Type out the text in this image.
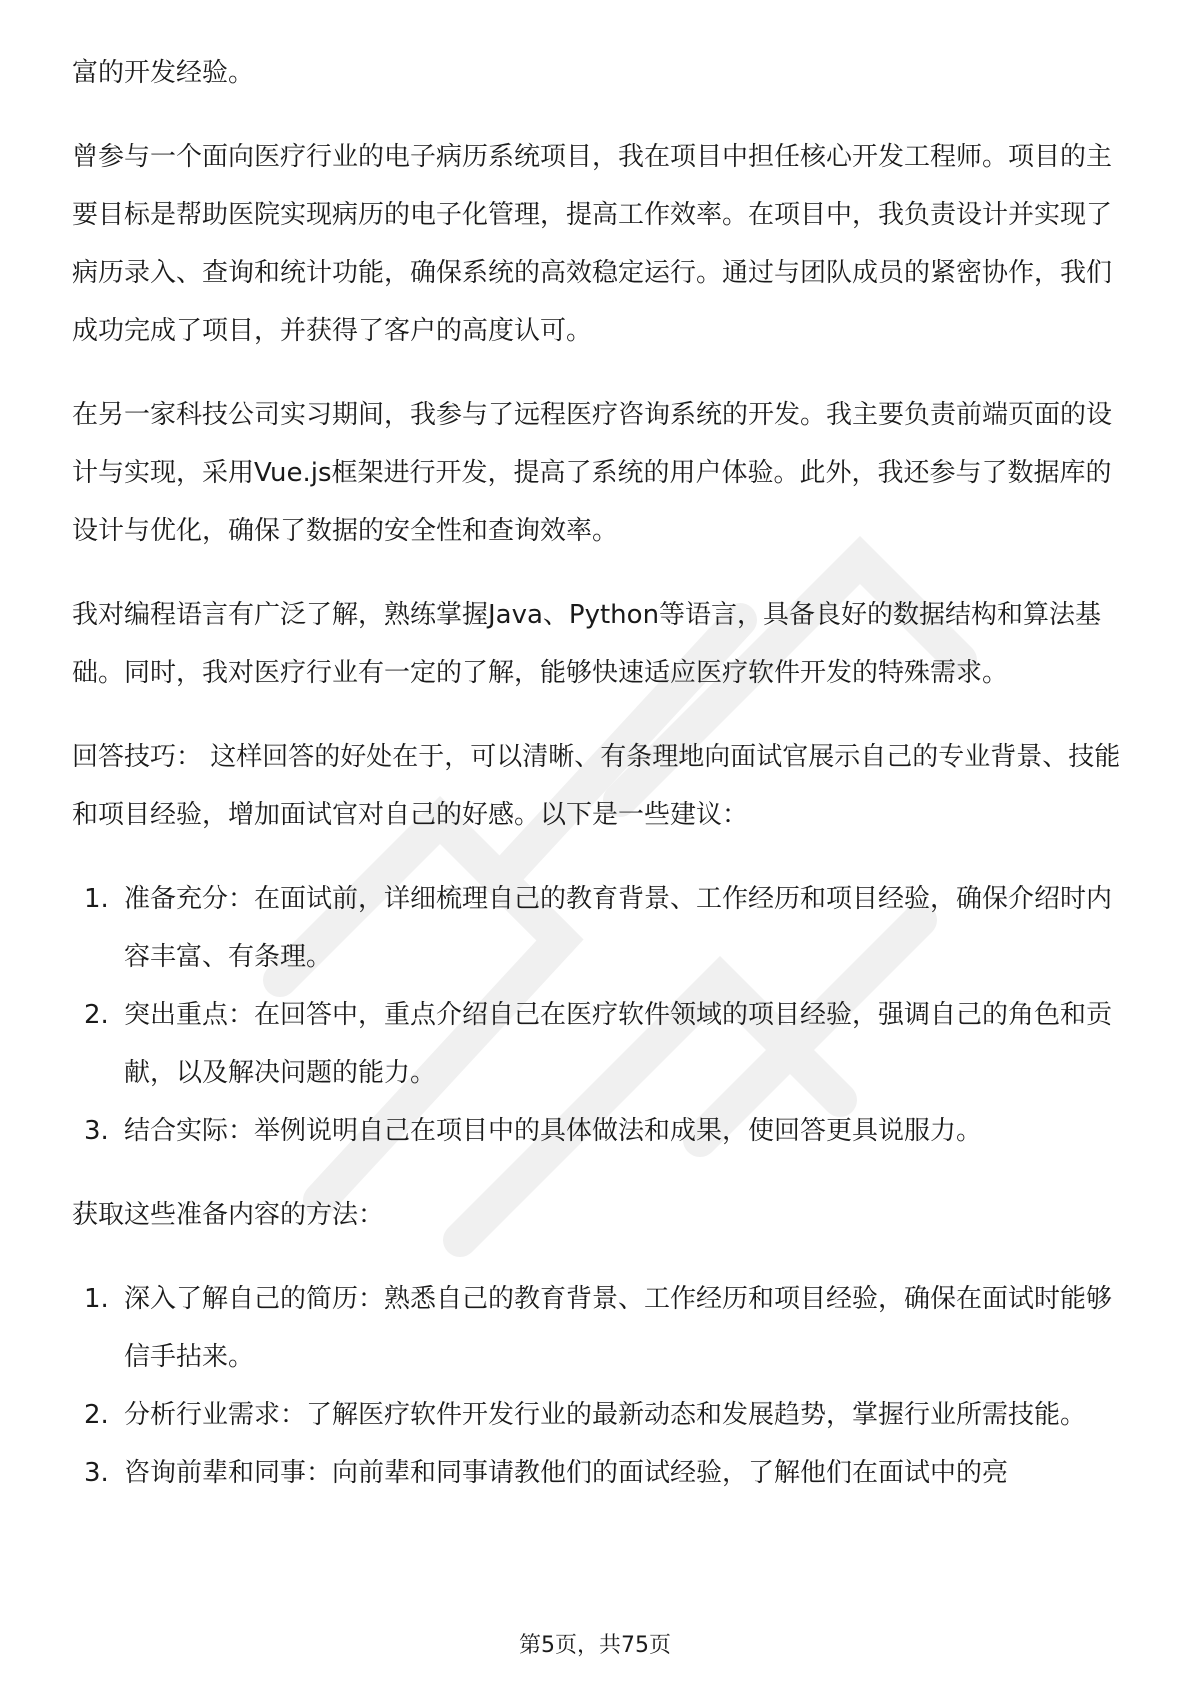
富的开发经验。

曾参与一个面向医疗行业的电子病历系统项目，我在项目中担任核心开发工程师。项目的主要目标是帮助医院实现病历的电子化管理，提高工作效率。在项目中，我负责设计并实现了病历录入、查询和统计功能，确保系统的高效稳定运行。通过与团队成员的紧密协作，我们成功完成了项目，并获得了客户的高度认可。

在另一家科技公司实习期间，我参与了远程医疗咨询系统的开发。我主要负责前端页面的设计与实现，采用Vue.js框架进行开发，提高了系统的用户体验。此外，我还参与了数据库的设计与优化，确保了数据的安全性和查询效率。

我对编程语言有广泛了解，熟练掌握Java、Python等语言，具备良好的数据结构和算法基础。同时，我对医疗行业有一定的了解，能够快速适应医疗软件开发的特殊需求。

回答技巧： 这样回答的好处在于，可以清晰、有条理地向面试官展示自己的专业背景、技能和项目经验，增加面试官对自己的好感。以下是一些建议：

1. 准备充分：在面试前，详细梳理自己的教育背景、工作经历和项目经验，确保介绍时内容丰富、有条理。
2. 突出重点：在回答中，重点介绍自己在医疗软件领域的项目经验，强调自己的角色和贡献，以及解决问题的能力。
3. 结合实际：举例说明自己在项目中的具体做法和成果，使回答更具说服力。

获取这些准备内容的方法：

1. 深入了解自己的简历：熟悉自己的教育背景、工作经历和项目经验，确保在面试时能够信手拈来。
2. 分析行业需求：了解医疗软件开发行业的最新动态和发展趋势，掌握行业所需技能。
3. 咨询前辈和同事：向前辈和同事请教他们的面试经验，了解他们在面试中的亮
第5页，共75页
